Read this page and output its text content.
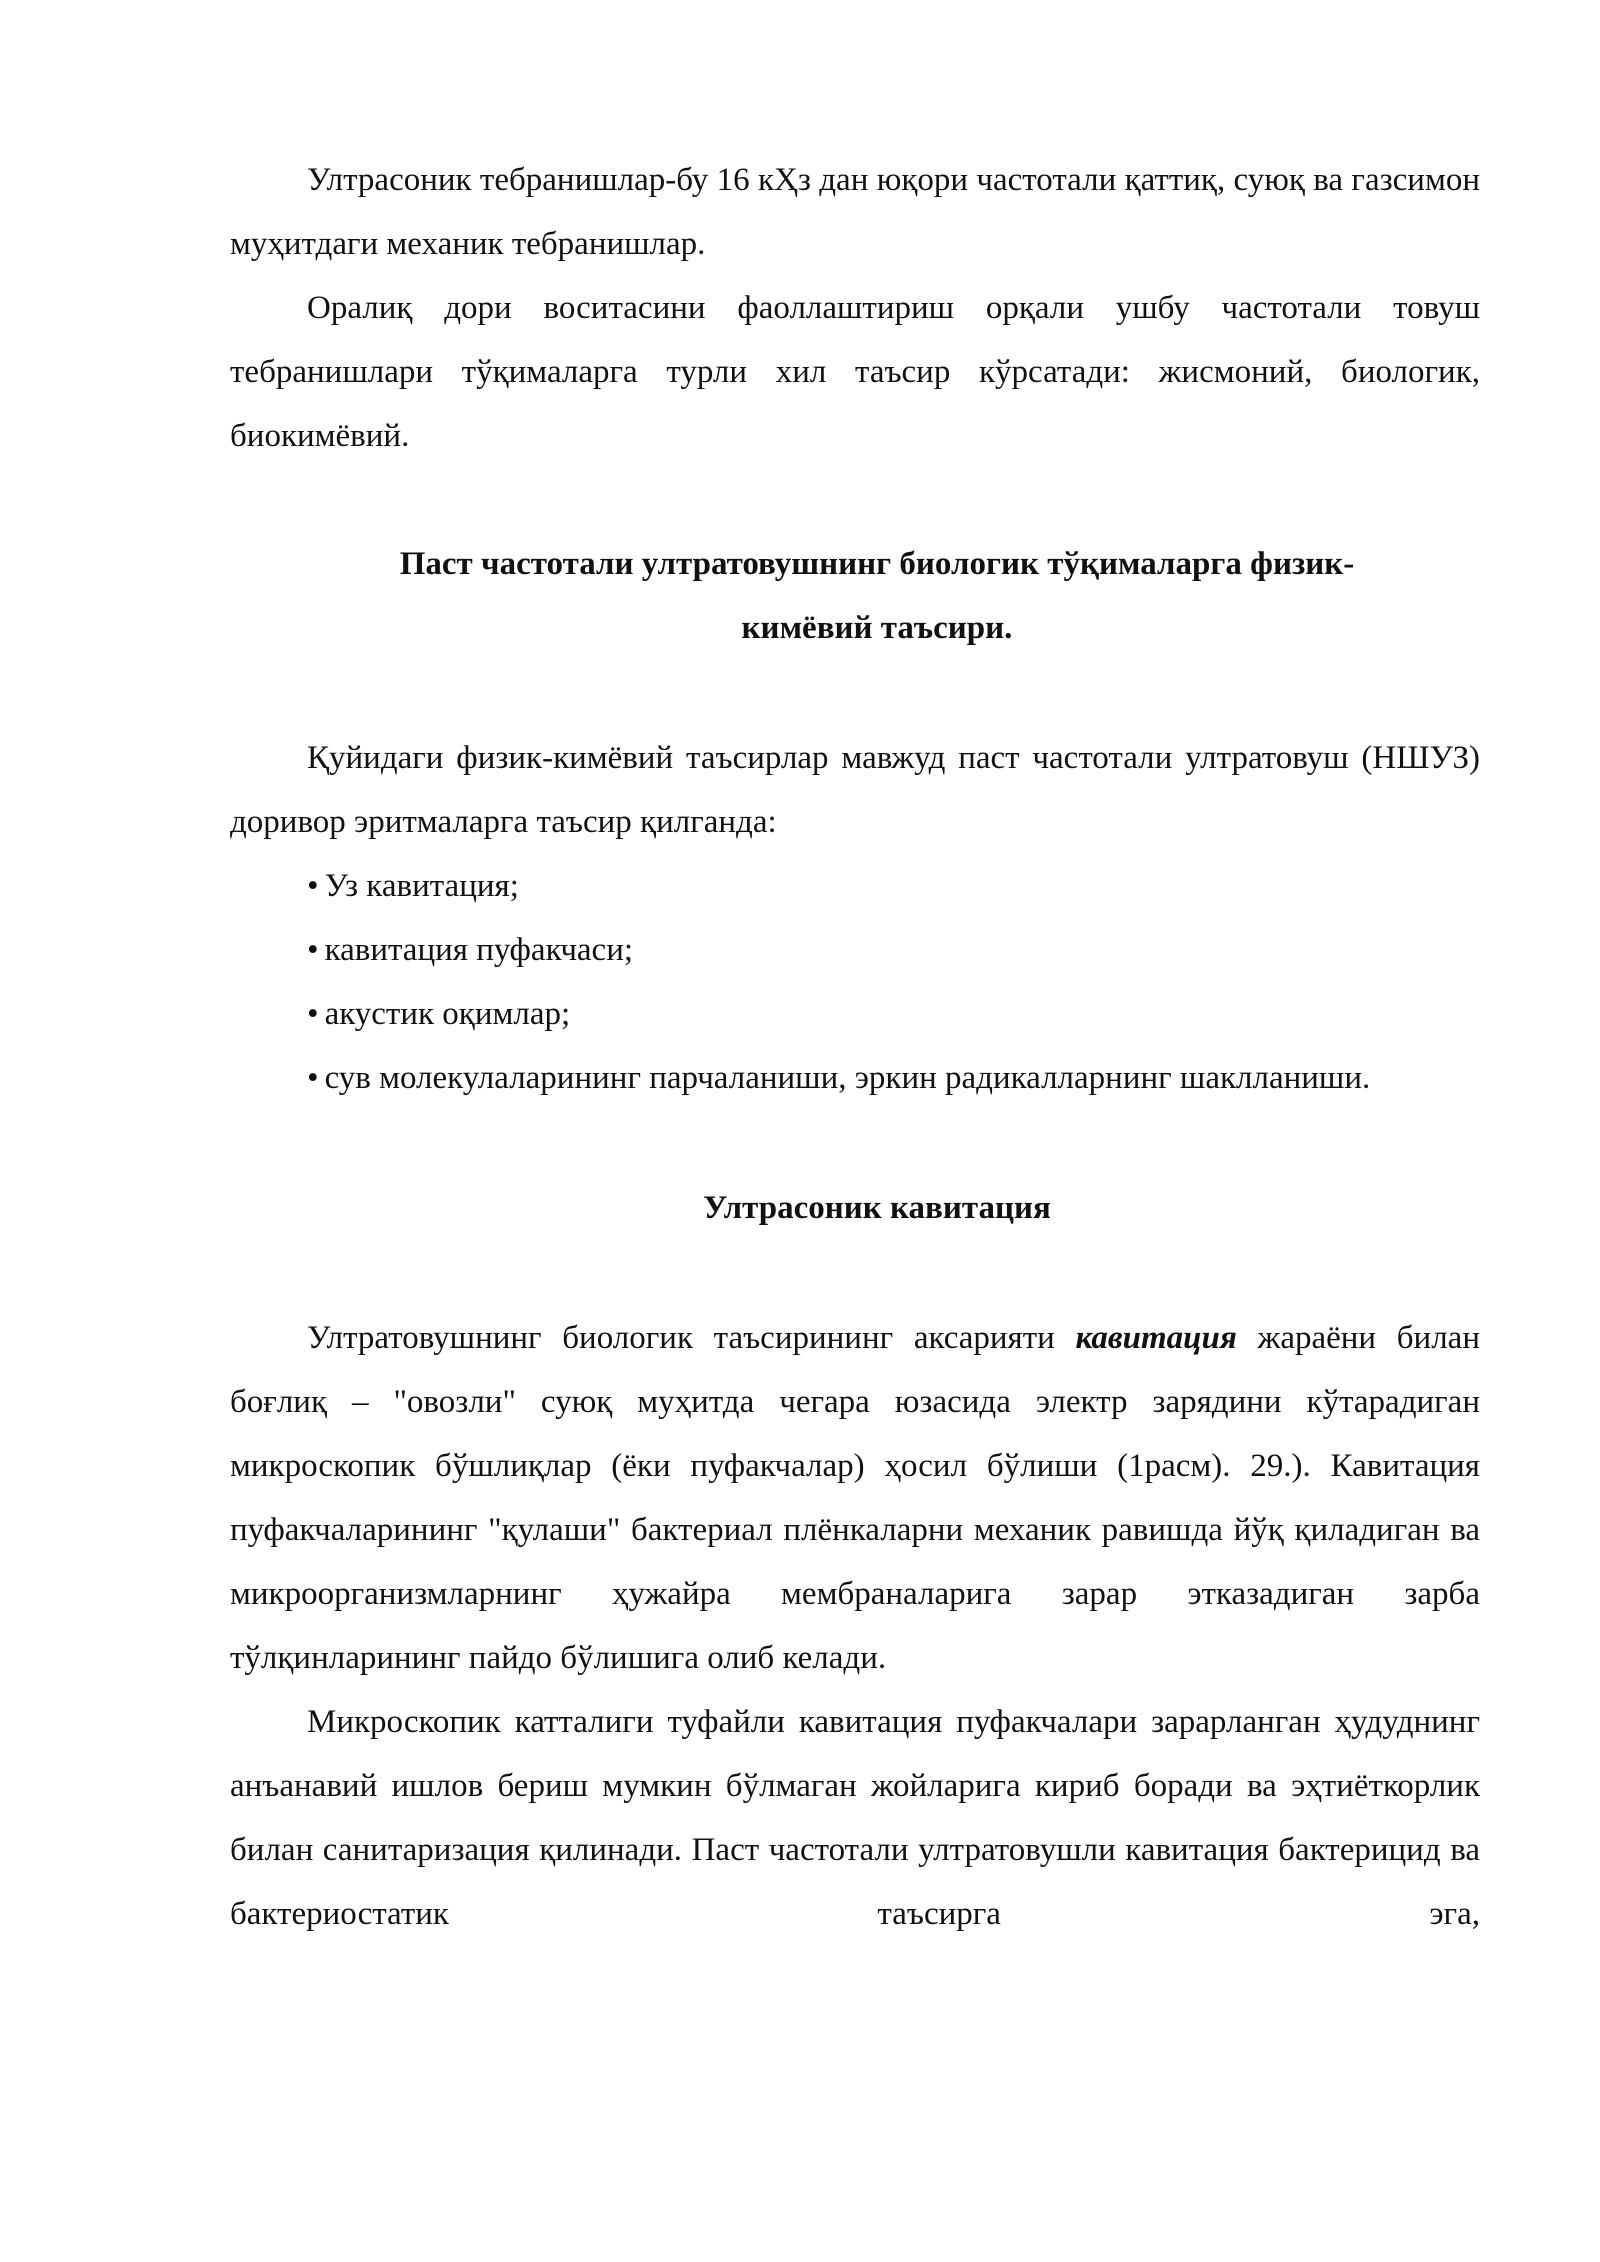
Ултрасоник тебранишлар-бу 16 кҲз дан юқори частотали қаттиқ, суюқ ва газсимон муҳитдаги механик тебранишлар.

Оралиқ дори воситасини фаоллаштириш орқали ушбу частотали товуш тебранишлари тўқималарга турли хил таъсир кўрсатади: жисмоний, биологик, биокимёвий.

Паст частотали ултратовушнинг биологик тўқималарга физик-

кимёвий таъсири.

Қуйидаги физик-кимёвий таъсирлар мавжуд паст частотали ултратовуш (НШУЗ) доривор эритмаларга таъсир қилганда:

• Уз кавитация;

• кавитация пуфакчаси;

• акустик оқимлар;

• сув молекулаларининг парчаланиши, эркин радикалларнинг шаклланиши.

Ултрасоник кавитация

Ултратовушнинг биологик таъсирининг аксарияти кавитация жараёни билан боғлиқ – "овозли" суюқ муҳитда чегара юзасида электр зарядини кўтарадиган микроскопик бўшлиқлар (ёки пуфакчалар) ҳосил бўлиши (1расм). 29.). Кавитация пуфакчаларининг "қулаши" бактериал плёнкаларни механик равишда йўқ қиладиган ва микроорганизмларнинг ҳужайра мембраналарига зарар этказадиган зарба тўлқинларининг пайдо бўлишига олиб келади.

Микроскопик катталиги туфайли кавитация пуфакчалари зарарланган ҳудуднинг анъанавий ишлов бериш мумкин бўлмаган жойларига кириб боради ва эҳтиёткорлик билан санитаризация қилинади. Паст частотали ултратовушли кавитация бактерицид ва бактериостатик таъсирга эга,
